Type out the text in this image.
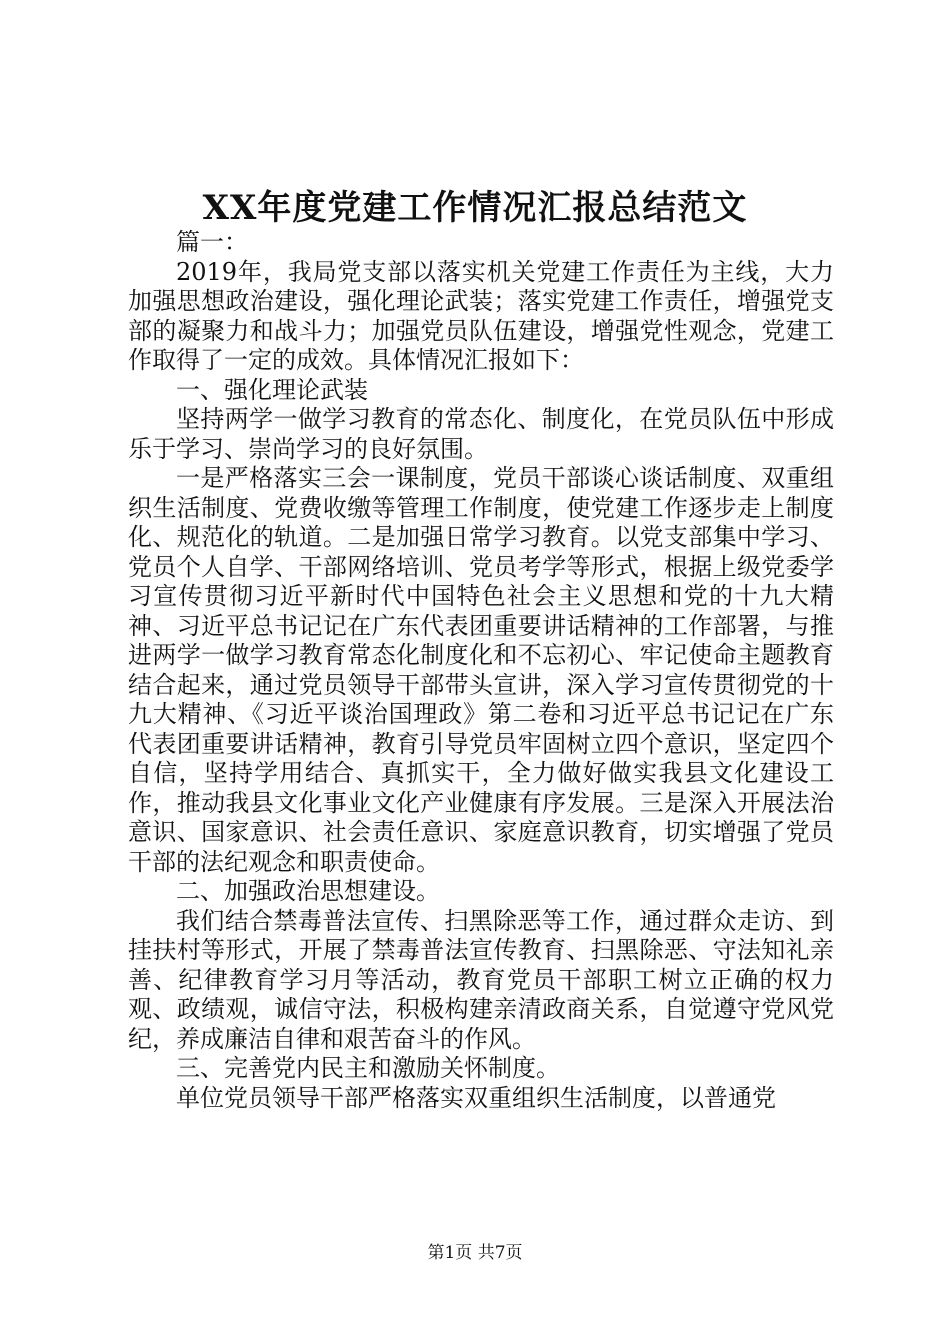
XX年度党建工作情况汇报总结范文

篇一：

2019年，我局党支部以落实机关党建工作责任为主线，大力加强思想政治建设，强化理论武装；落实党建工作责任，增强党支部的凝聚力和战斗力；加强党员队伍建设，增强党性观念，党建工作取得了一定的成效。具体情况汇报如下：

一、强化理论武装

坚持两学一做学习教育的常态化、制度化，在党员队伍中形成乐于学习、崇尚学习的良好氛围。

一是严格落实三会一课制度，党员干部谈心谈话制度、双重组织生活制度、党费收缴等管理工作制度，使党建工作逐步走上制度化、规范化的轨道。二是加强日常学习教育。以党支部集中学习、党员个人自学、干部网络培训、党员考学等形式，根据上级党委学习宣传贯彻习近平新时代中国特色社会主义思想和党的十九大精神、习近平总书记记在广东代表团重要讲话精神的工作部署，与推进两学一做学习教育常态化制度化和不忘初心、牢记使命主题教育结合起来，通过党员领导干部带头宣讲，深入学习宣传贯彻党的十九大精神、《习近平谈治国理政》第二卷和习近平总书记记在广东代表团重要讲话精神，教育引导党员牢固树立四个意识，坚定四个自信，坚持学用结合、真抓实干，全力做好做实我县文化建设工作，推动我县文化事业文化产业健康有序发展。三是深入开展法治意识、国家意识、社会责任意识、家庭意识教育，切实增强了党员干部的法纪观念和职责使命。

二、加强政治思想建设。

我们结合禁毒普法宣传、扫黑除恶等工作，通过群众走访、到挂扶村等形式，开展了禁毒普法宣传教育、扫黑除恶、守法知礼亲善、纪律教育学习月等活动，教育党员干部职工树立正确的权力观、政绩观，诚信守法，积极构建亲清政商关系，自觉遵守党风党纪，养成廉洁自律和艰苦奋斗的作风。

三、完善党内民主和激励关怀制度。

单位党员领导干部严格落实双重组织生活制度，以普通党

第1页 共7页
